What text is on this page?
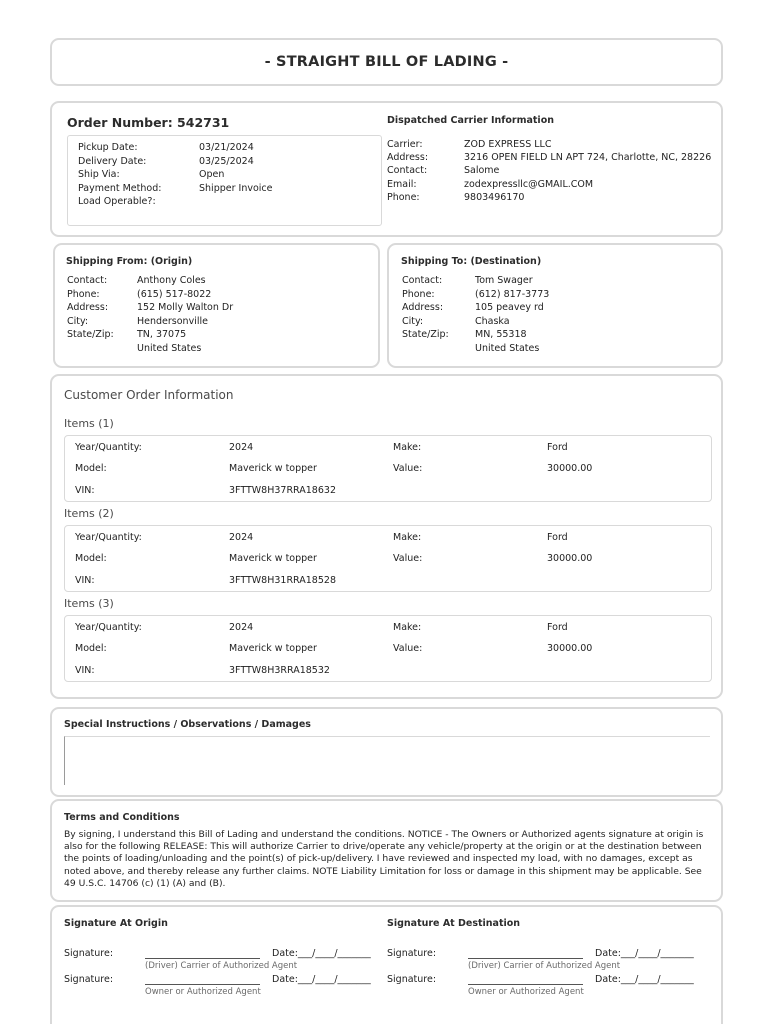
- STRAIGHT BILL OF LADING -
Order Number: 542731
Pickup Date:	03/21/2024
Delivery Date:	03/25/2024
Ship Via:	Open
Payment Method:	Shipper Invoice
Load Operable?:
Dispatched Carrier Information
Carrier:	ZOD EXPRESS LLC
Address:	3216 OPEN FIELD LN APT 724, Charlotte, NC, 28226
Contact:	Salome
Email:	zodexpressllc@GMAIL.COM
Phone:	9803496170
Shipping From: (Origin)
Contact:	Anthony Coles
Phone:	(615) 517-8022
Address:	152 Molly Walton Dr
City:	Hendersonville
State/Zip:	TN, 37075
United States
Shipping To: (Destination)
Contact:	Tom Swager
Phone:	(612) 817-3773
Address:	105 peavey rd
City:	Chaska
State/Zip:	MN, 55318
United States
Customer Order Information
Items (1)
Year/Quantity:	2024	Make:	Ford
Model:	Maverick w topper	Value:	30000.00
VIN:	3FTTW8H37RRA18632
Items (2)
Year/Quantity:	2024	Make:	Ford
Model:	Maverick w topper	Value:	30000.00
VIN:	3FTTW8H31RRA18528
Items (3)
Year/Quantity:	2024	Make:	Ford
Model:	Maverick w topper	Value:	30000.00
VIN:	3FTTW8H3RRA18532
Special Instructions / Observations / Damages
Terms and Conditions
By signing, I understand this Bill of Lading and understand the conditions. NOTICE - The Owners or Authorized agents signature at origin is also for the following RELEASE: This will authorize Carrier to drive/operate any vehicle/property at the origin or at the destination between the points of loading/unloading and the point(s) of pick-up/delivery. I have reviewed and inspected my load, with no damages, except as noted above, and thereby release any further claims. NOTE Liability Limitation for loss or damage in this shipment may be applicable. See 49 U.S.C. 14706 (c) (1) (A) and (B).
Signature At Origin	Signature At Destination
Signature:	Date:___/____/_______
(Driver) Carrier of Authorized Agent
Signature:	Date:___/____/_______
Owner or Authorized Agent
Signature:	Date:___/____/_______
(Driver) Carrier of Authorized Agent
Signature:	Date:___/____/_______
Owner or Authorized Agent
